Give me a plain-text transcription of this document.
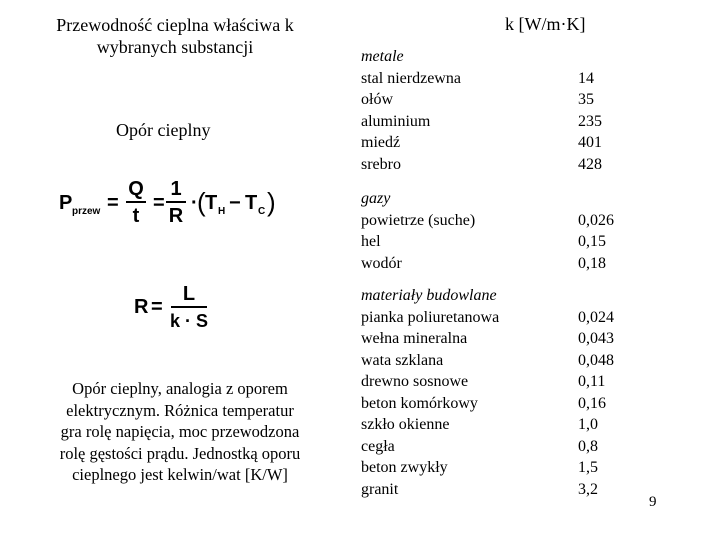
Przewodność cieplna właściwa k
wybranych substancji
Opór cieplny
P przew =
Q
t
=
1
R
· ( T H − T C )
R =
L
k · S
Opór cieplny, analogia z oporem
elektrycznym. Różnica temperatur
gra rolę napięcia, moc przewodzona
rolę gęstości prądu. Jednostką oporu
cieplnego jest kelwin/wat [K/W]
k [W/m·K]
metale
stal nierdzewna
ołów
aluminium
miedź
srebro
14
35
235
401
428
gazy
powietrze (suche)
hel
wodór
0,026
0,15
0,18
materiały budowlane
pianka poliuretanowa
wełna mineralna
wata szklana
drewno sosnowe
beton komórkowy
szkło okienne
cegła
beton zwykły
granit
0,024
0,043
0,048
0,11
0,16
1,0
0,8
1,5
3,2
9
